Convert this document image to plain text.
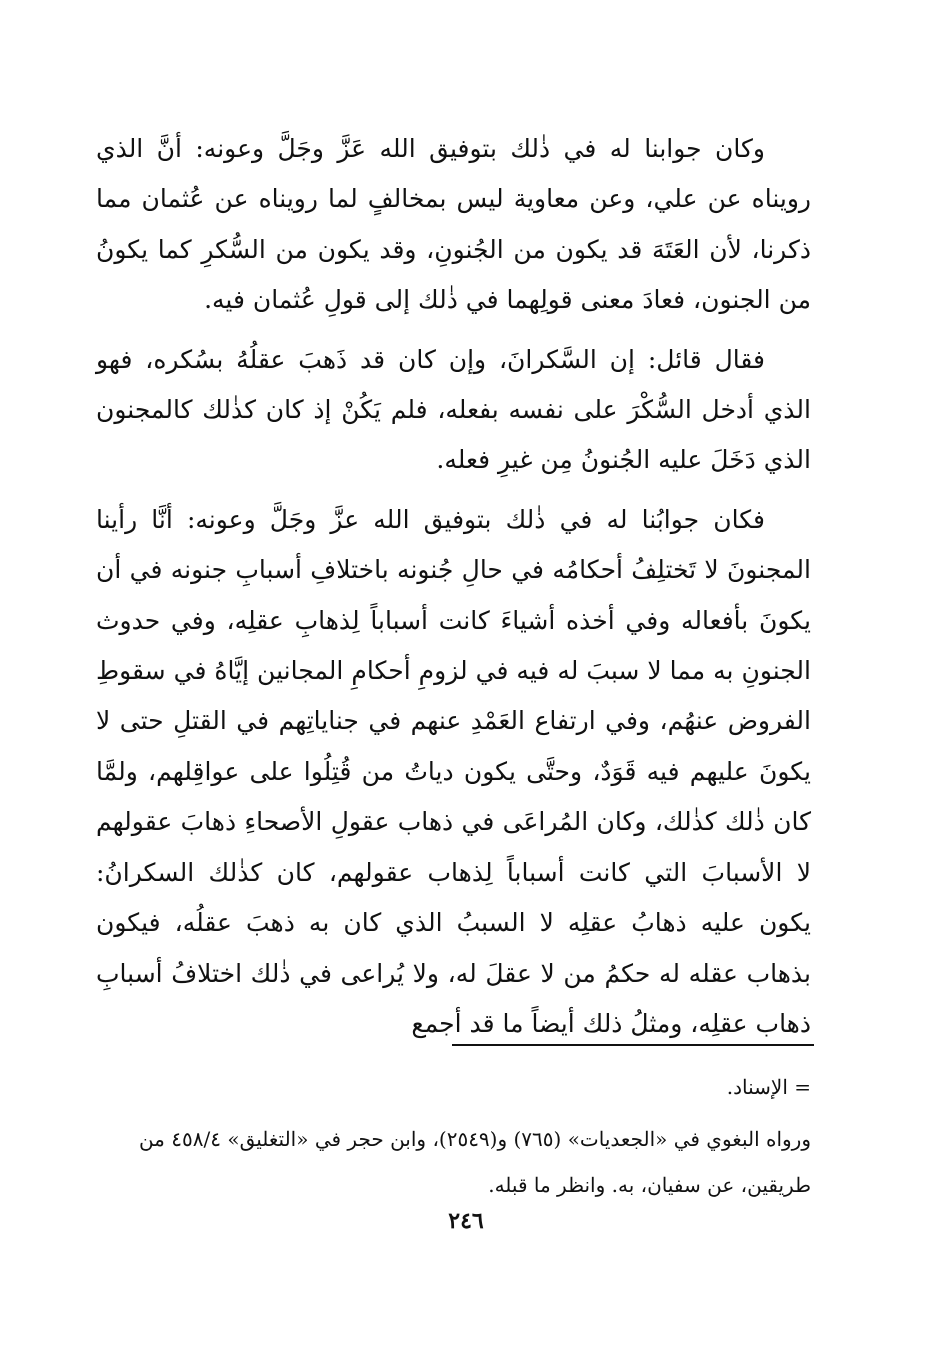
وكان جوابنا له في ذٰلك بتوفيق الله عَزَّ وجَلَّ وعونه: أنَّ الذي رويناه عن علي، وعن معاوية ليس بمخالفٍ لما رويناه عن عُثمان مما ذكرنا، لأن العَتَهَ قد يكون من الجُنونِ، وقد يكون من السُّكرِ كما يكونُ من الجنون، فعادَ معنى قولِهما في ذٰلك إلى قولِ عُثمان فيه.

فقال قائل: إن السَّكرانَ، وإن كان قد ذَهبَ عقلُهُ بسُكره، فهو الذي أدخل السُّكْرَ على نفسه بفعله، فلم يَكُنْ إذ كان كذٰلك كالمجنون الذي دَخَلَ عليه الجُنونُ مِن غيرِ فعله.

فكان جوابُنا له في ذٰلك بتوفيق الله عزَّ وجَلَّ وعونه: أنَّا رأينا المجنونَ لا تَختلِفُ أحكامُه في حالِ جُنونه باختلافِ أسبابِ جنونه في أن يكونَ بأفعاله وفي أخذه أشياءَ كانت أسباباً لِذهابِ عقلِه، وفي حدوث الجنونِ به مما لا سببَ له فيه في لزومِ أحكامِ المجانين إيَّاهُ في سقوطِ الفروض عنهُم، وفي ارتفاع العَمْدِ عنهم في جناياتِهم في القتلِ حتى لا يكونَ عليهم فيه قَوَدٌ، وحتَّى يكون دياتُ من قُتِلُوا على عواقِلهم، ولمَّا كان ذٰلك كذٰلك، وكان المُراعَى في ذهاب عقولِ الأصحاءِ ذهابَ عقولهم لا الأسبابَ التي كانت أسباباً لِذهاب عقولهم، كان كذٰلك السكرانُ: يكون عليه ذهابُ عقلِه لا السببُ الذي كان به ذهبَ عقلُه، فيكون بذهاب عقله له حكمُ من لا عقلَ له، ولا يُراعى في ذٰلك اختلافُ أسبابِ ذهاب عقلِه، ومثلُ ذلك أيضاً ما قد أجمع

= الإسناد.

ورواه البغوي في «الجعديات» (٧٦٥) و(٢٥٤٩)، وابن حجر في «التغليق» ٤٥٨/٤ من طريقين، عن سفيان، به. وانظر ما قبله.

٢٤٦
